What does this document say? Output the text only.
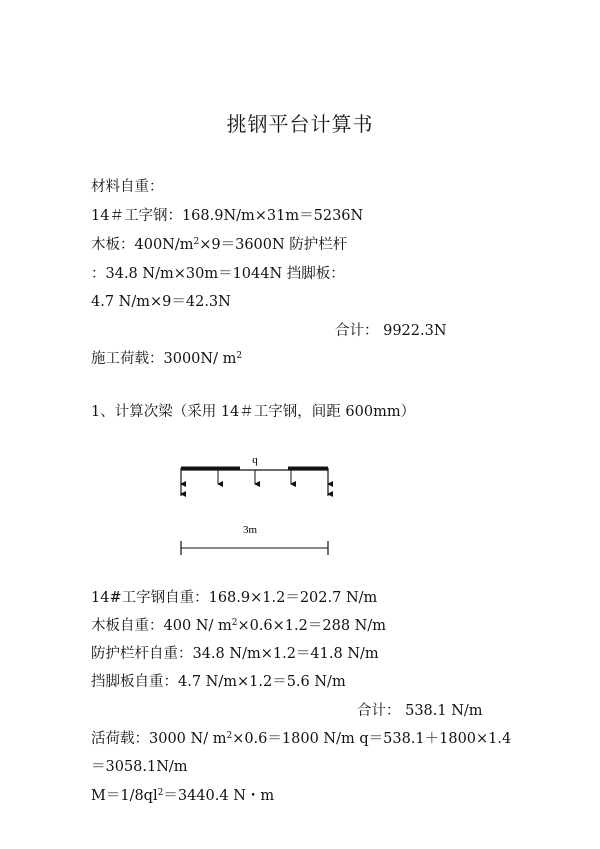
挑钢平台计算书
材料自重：
14＃工字钢：168.9N/m×31m＝5236N
木板：$400N/m^2\times 9=3600N$ 防护栏杆
：34.8 N/m×30m＝1044N 挡脚板：
4.7 N/m×9＝42.3N
合计： 9922.3N
施工荷载：3000N/ $m^2$
1、计算次梁（采用 14＃工字钢，间距 600mm）
q
3m
14#工字钢自重：168.9×1.2＝202.7 N/m
木板自重：400 N/ $m^2\times 0.6\times 1.2=288$ N/m
防护栏杆自重：34.8 N/m×1.2＝41.8 N/m
挡脚板自重：4.7 N/m×1.2＝5.6 N/m
合计： 538.1 N/m
活荷载：3000 N/ $m^2\times 0.6=1800$ N/m q＝538.1＋1800×1.4
＝3058.1N/m
$M=1/8ql^2=3440.4$ N・m
